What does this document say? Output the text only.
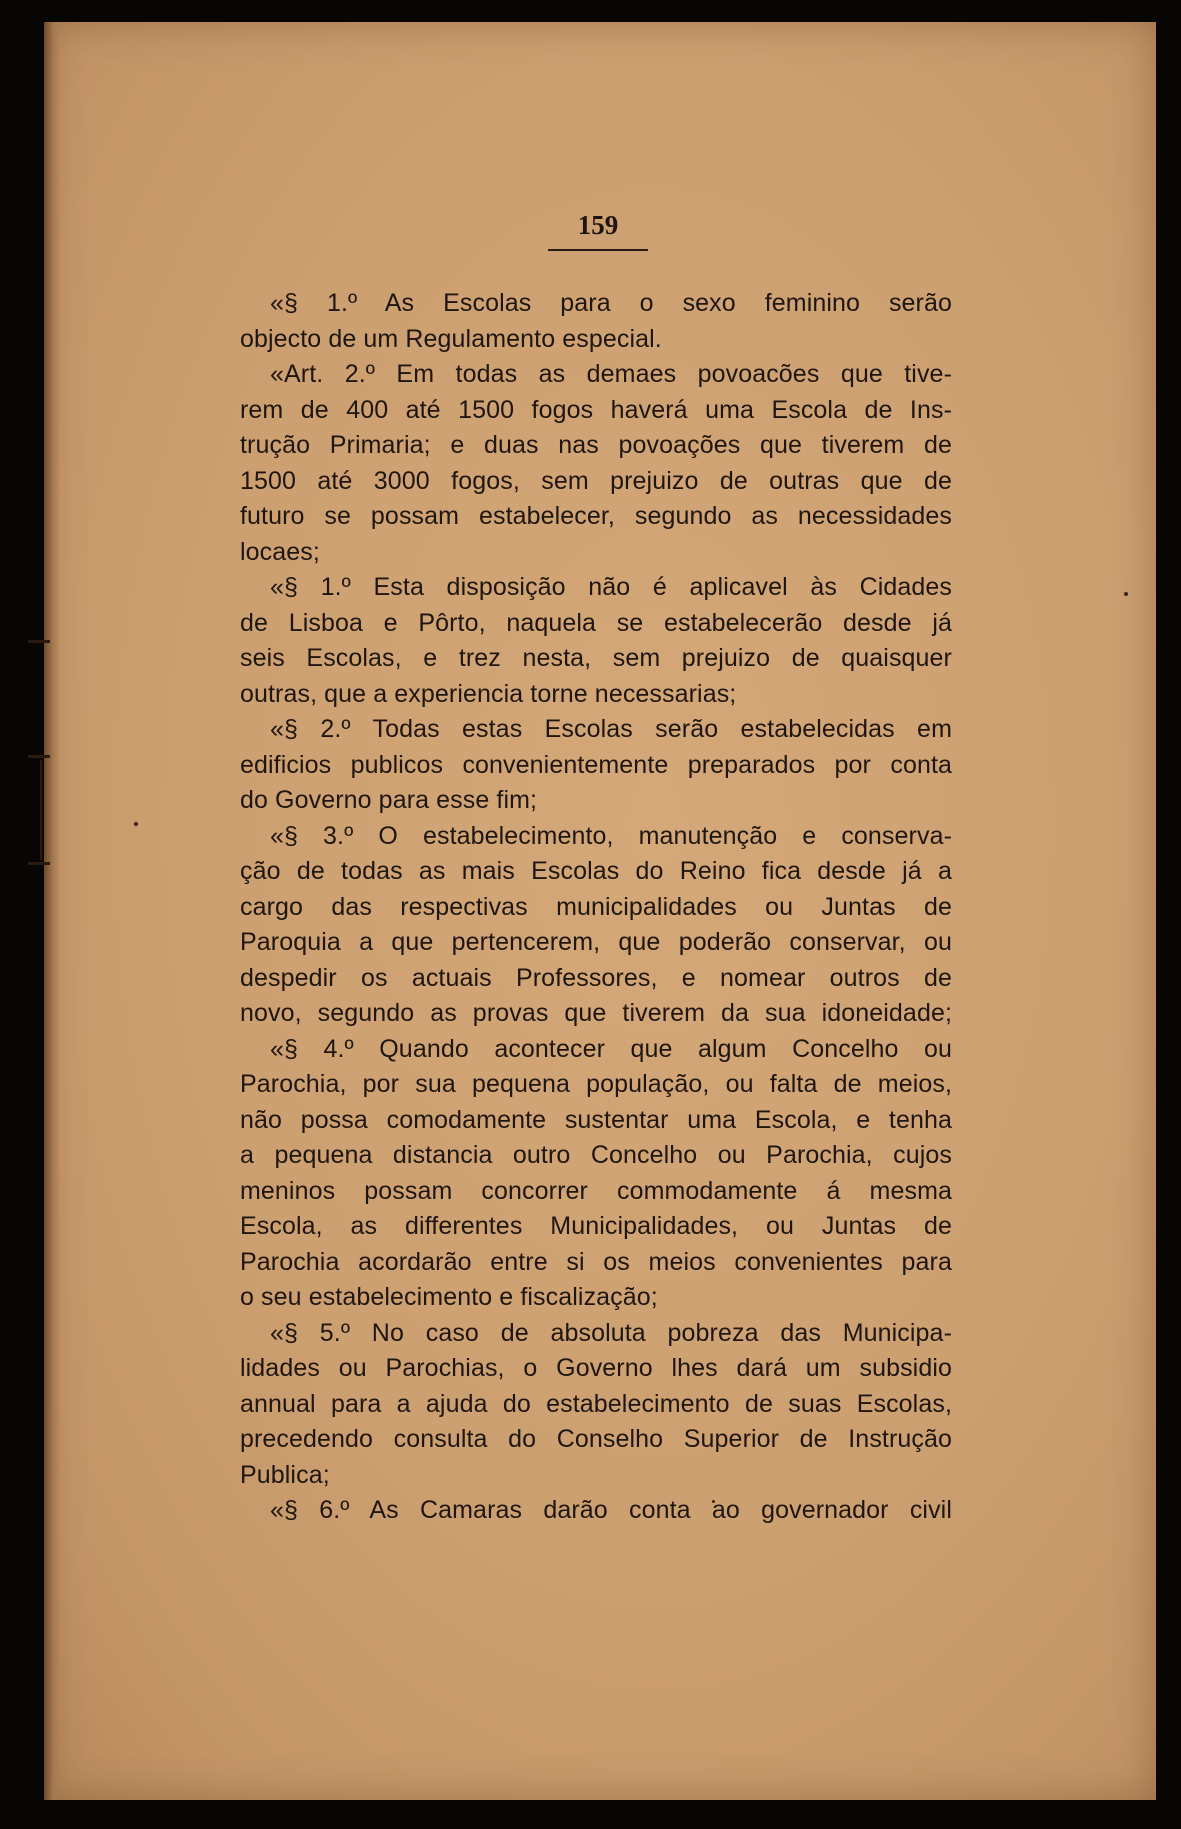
159
«§ 1.º As Escolas para o sexo feminino serão
objecto de um Regulamento especial.
«Art. 2.º Em todas as demaes povoacões que tive-
rem de 400 até 1500 fogos haverá uma Escola de Ins-
trução Primaria; e duas nas povoações que tiverem de
1500 até 3000 fogos, sem prejuizo de outras que de
futuro se possam estabelecer, segundo as necessidades
locaes;
«§ 1.º Esta disposição não é aplicavel às Cidades
de Lisboa e Pôrto, naquela se estabelecerão desde já
seis Escolas, e trez nesta, sem prejuizo de quaisquer
outras, que a experiencia torne necessarias;
«§ 2.º Todas estas Escolas serão estabelecidas em
edificios publicos convenientemente preparados por conta
do Governo para esse fim;
«§ 3.º O estabelecimento, manutenção e conserva-
ção de todas as mais Escolas do Reino fica desde já a
cargo das respectivas municipalidades ou Juntas de
Paroquia a que pertencerem, que poderão conservar, ou
despedir os actuais Professores, e nomear outros de
novo, segundo as provas que tiverem da sua idoneidade;
«§ 4.º Quando acontecer que algum Concelho ou
Parochia, por sua pequena população, ou falta de meios,
não possa comodamente sustentar uma Escola, e tenha
a pequena distancia outro Concelho ou Parochia, cujos
meninos possam concorrer commodamente á mesma
Escola, as differentes Municipalidades, ou Juntas de
Parochia acordarão entre si os meios convenientes para
o seu estabelecimento e fiscalização;
«§ 5.º No caso de absoluta pobreza das Municipa-
lidades ou Parochias, o Governo lhes dará um subsidio
annual para a ajuda do estabelecimento de suas Escolas,
precedendo consulta do Conselho Superior de Instrução
Publica;
«§ 6.º As Camaras darão conta ao governador civil
